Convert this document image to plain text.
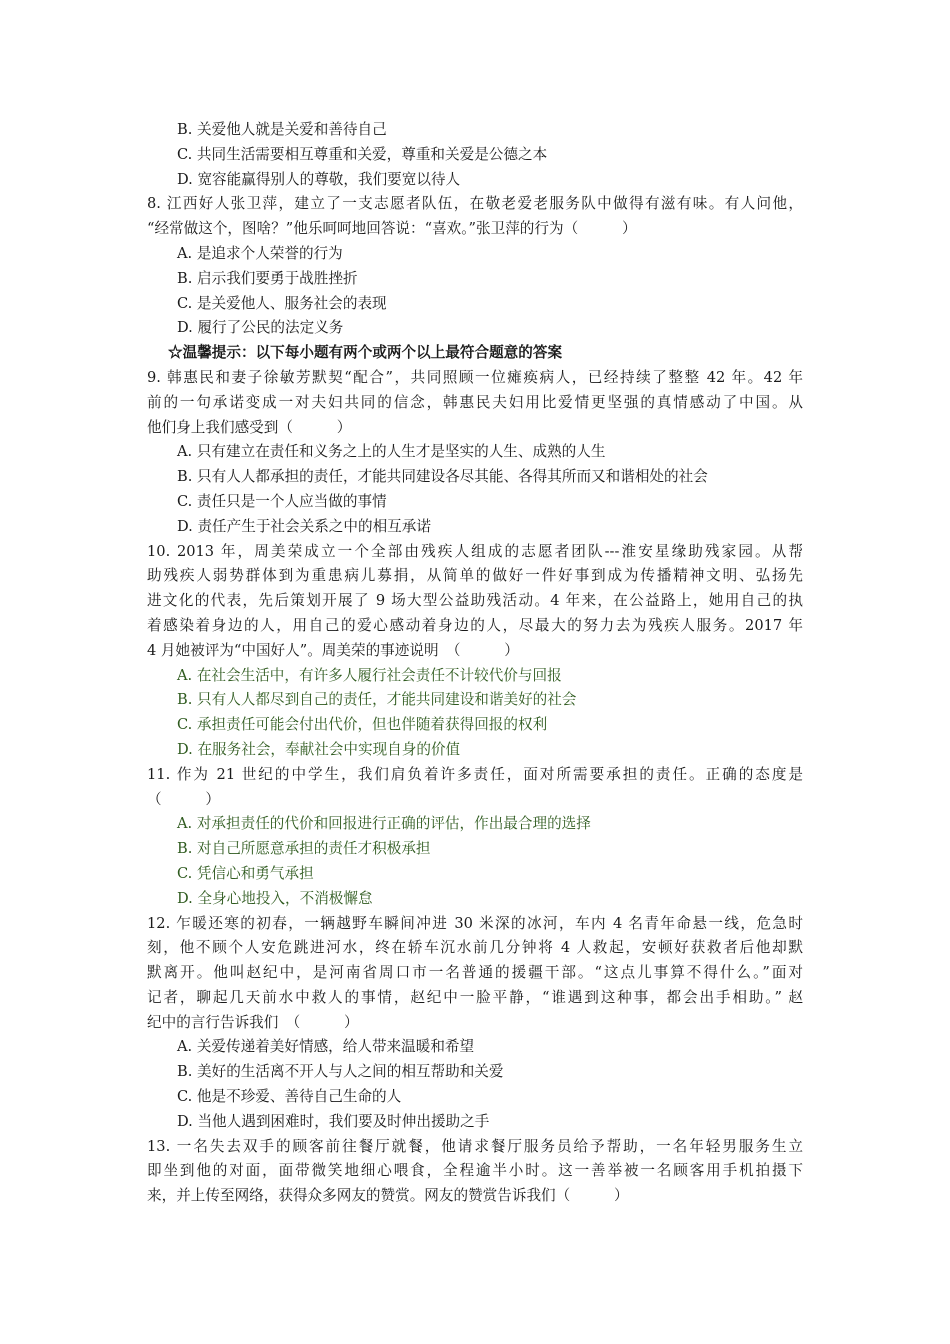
B. 关爱他人就是关爱和善待自己
C. 共同生活需要相互尊重和关爱，尊重和关爱是公德之本
D. 宽容能赢得别人的尊敬，我们要宽以待人
8. 江西好人张卫萍，建立了一支志愿者队伍，在敬老爱老服务队中做得有滋有味。有人问他，
“经常做这个，图啥？”他乐呵呵地回答说：“喜欢。”张卫萍的行为（　　　）
A. 是追求个人荣誉的行为
B. 启示我们要勇于战胜挫折
C. 是关爱他人、服务社会的表现
D. 履行了公民的法定义务
☆温馨提示：以下每小题有两个或两个以上最符合题意的答案
9. 韩惠民和妻子徐敏芳默契“配合”，共同照顾一位瘫痪病人，已经持续了整整 42 年。42 年
前的一句承诺变成一对夫妇共同的信念，韩惠民夫妇用比爱情更坚强的真情感动了中国。从
他们身上我们感受到（　　　）
A. 只有建立在责任和义务之上的人生才是坚实的人生、成熟的人生
B. 只有人人都承担的责任，才能共同建设各尽其能、各得其所而又和谐相处的社会
C. 责任只是一个人应当做的事情
D. 责任产生于社会关系之中的相互承诺
10. 2013 年，周美荣成立一个全部由残疾人组成的志愿者团队---淮安星缘助残家园。从帮
助残疾人弱势群体到为重患病儿募捐，从简单的做好一件好事到成为传播精神文明、弘扬先
进文化的代表，先后策划开展了 9 场大型公益助残活动。4 年来，在公益路上，她用自己的执
着感染着身边的人，用自己的爱心感动着身边的人，尽最大的努力去为残疾人服务。2017 年
4 月她被评为“中国好人”。周美荣的事迹说明　（　　　）
A. 在社会生活中，有许多人履行社会责任不计较代价与回报
B. 只有人人都尽到自己的责任，才能共同建设和谐美好的社会
C. 承担责任可能会付出代价，但也伴随着获得回报的权利
D. 在服务社会，奉献社会中实现自身的价值
11. 作为 21 世纪的中学生，我们肩负着许多责任，面对所需要承担的责任。正确的态度是
（　　　）
A. 对承担责任的代价和回报进行正确的评估，作出最合理的选择
B. 对自己所愿意承担的责任才积极承担
C. 凭信心和勇气承担
D. 全身心地投入，不消极懈怠
12. 乍暖还寒的初春，一辆越野车瞬间冲进 30 米深的冰河，车内 4 名青年命悬一线，危急时
刻，他不顾个人安危跳进河水，终在轿车沉水前几分钟将 4 人救起，安顿好获救者后他却默
默离开。他叫赵纪中，是河南省周口市一名普通的援疆干部。“这点儿事算不得什么。”面对
记者，聊起几天前水中救人的事情，赵纪中一脸平静，“谁遇到这种事，都会出手相助。” 赵
纪中的言行告诉我们　（　　　）
A. 关爱传递着美好情感，给人带来温暖和希望
B. 美好的生活离不开人与人之间的相互帮助和关爱
C. 他是不珍爱、善待自己生命的人
D. 当他人遇到困难时，我们要及时伸出援助之手
13. 一名失去双手的顾客前往餐厅就餐，他请求餐厅服务员给予帮助，一名年轻男服务生立
即坐到他的对面，面带微笑地细心喂食，全程逾半小时。这一善举被一名顾客用手机拍摄下
来，并上传至网络，获得众多网友的赞赏。网友的赞赏告诉我们（　　　）
